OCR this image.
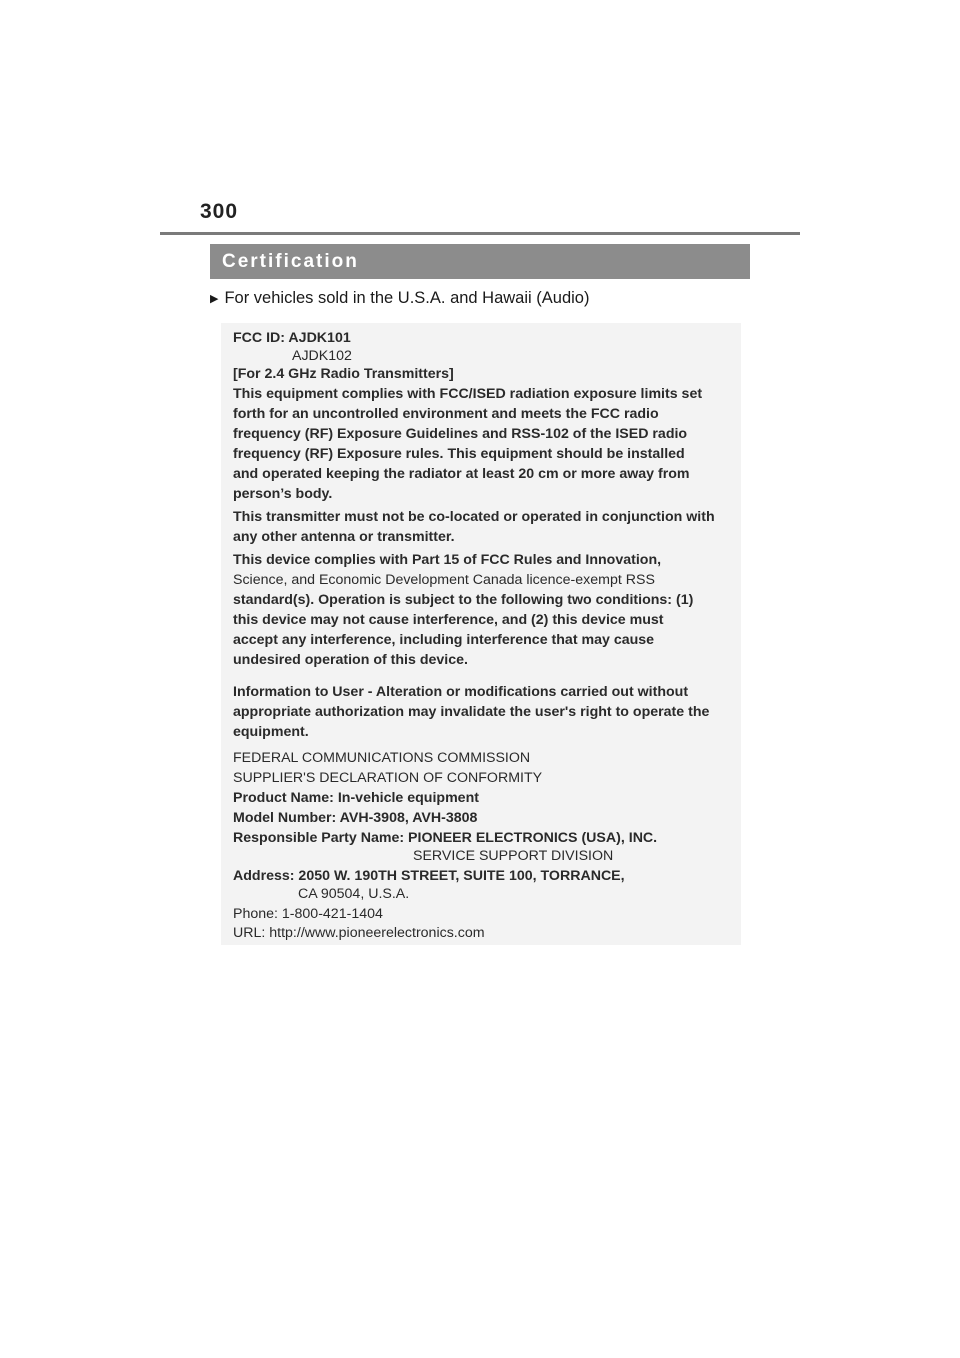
300
Certification
▶ For vehicles sold in the U.S.A. and Hawaii (Audio)
FCC ID: AJDK101
AJDK102
[For 2.4 GHz Radio Transmitters]
This equipment complies with FCC/ISED radiation exposure limits set
forth for an uncontrolled environment and meets the FCC radio
frequency (RF) Exposure Guidelines and RSS-102 of the ISED radio
frequency (RF) Exposure rules. This equipment should be installed
and operated keeping the radiator at least 20 cm or more away from
person’s body.
This transmitter must not be co-located or operated in conjunction with
any other antenna or transmitter.
This device complies with Part 15 of FCC Rules and Innovation,
Science, and Economic Development Canada licence-exempt RSS
standard(s). Operation is subject to the following two conditions: (1)
this device may not cause interference, and (2) this device must
accept any interference, including interference that may cause
undesired operation of this device.
Information to User - Alteration or modifications carried out without
appropriate authorization may invalidate the user's right to operate the
equipment.
FEDERAL COMMUNICATIONS COMMISSION
SUPPLIER'S DECLARATION OF CONFORMITY
Product Name: In-vehicle equipment
Model Number: AVH-3908, AVH-3808
Responsible Party Name: PIONEER ELECTRONICS (USA), INC.
SERVICE SUPPORT DIVISION
Address: 2050 W. 190TH STREET, SUITE 100, TORRANCE,
CA 90504, U.S.A.
Phone: 1-800-421-1404
URL: http://www.pioneerelectronics.com
